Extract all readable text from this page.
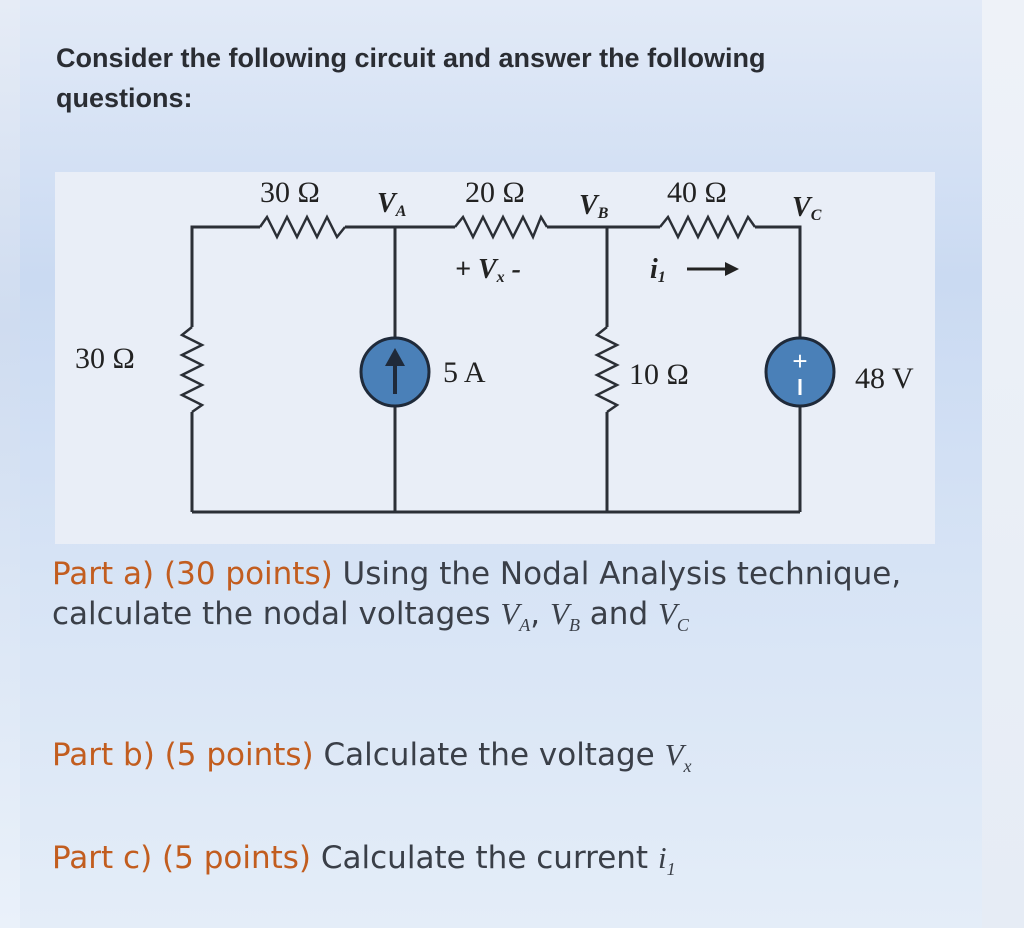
Consider the following circuit and answer the following questions:
+
30 Ω	20 Ω	40 Ω
30 Ω	10 Ω
5 A	48 V
VA	VB	VC
+ Vx -	i1
Part a) (30 points) Using the Nodal Analysis technique, calculate the nodal voltages $V_A$, $V_B$ and $V_C$
Part b) (5 points) Calculate the voltage $V_x$
Part c) (5 points) Calculate the current $i_1$
